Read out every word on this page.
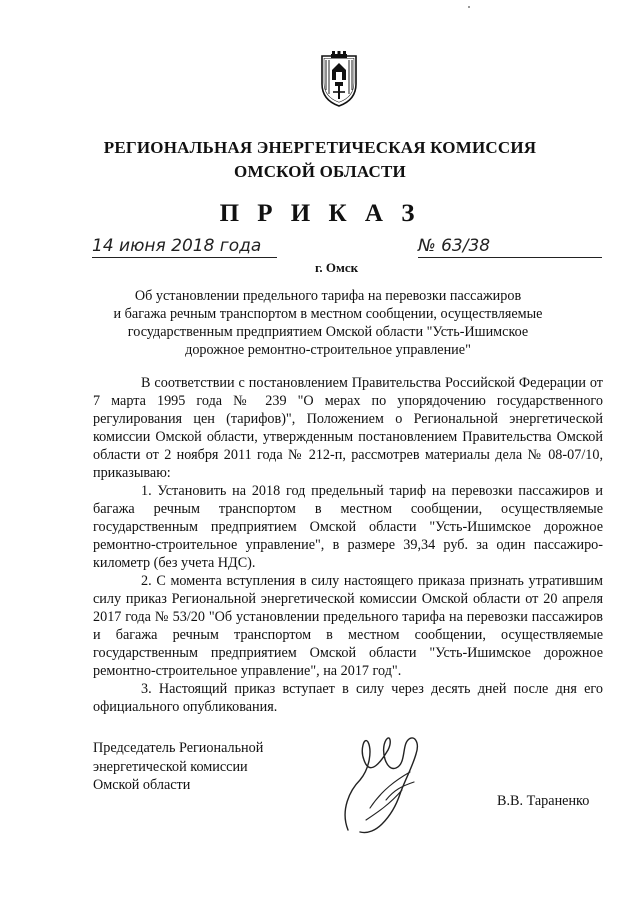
РЕГИОНАЛЬНАЯ ЭНЕРГЕТИЧЕСКАЯ КОМИССИЯ
ОМСКОЙ ОБЛАСТИ
П Р И К А З
14 июня 2018 года	№ 63/38
г. Омск
Об установлении предельного тарифа на перевозки пассажиров
и багажа речным транспортом в местном сообщении, осуществляемые
государственным предприятием Омской области "Усть-Ишимское
дорожное ремонтно-строительное управление"

В соответствии с постановлением Правительства Российской Федерации от 7 марта 1995 года № 239 "О мерах по упорядочению государственного регулирования цен (тарифов)", Положением о Региональной энергетической комиссии Омской области, утвержденным постановлением Правительства Омской области от 2 ноября 2011 года № 212-п, рассмотрев материалы дела № 08-07/10, приказываю:

1. Установить на 2018 год предельный тариф на перевозки пассажиров и багажа речным транспортом в местном сообщении, осуществляемые государственным предприятием Омской области "Усть-Ишимское дорожное ремонтно-строительное управление", в размере 39,34 руб. за один пассажиро-километр (без учета НДС).

2. С момента вступления в силу настоящего приказа признать утратившим силу приказ Региональной энергетической комиссии Омской области от 20 апреля 2017 года № 53/20 "Об установлении предельного тарифа на перевозки пассажиров и багажа речным транспортом в местном сообщении, осуществляемые государственным предприятием Омской области "Усть-Ишимское дорожное ремонтно-строительное управление", на 2017 год".

3. Настоящий приказ вступает в силу через десять дней после дня его официального опубликования.

Председатель Региональной
энергетической комиссии
Омской области
В.В. Тараненко
